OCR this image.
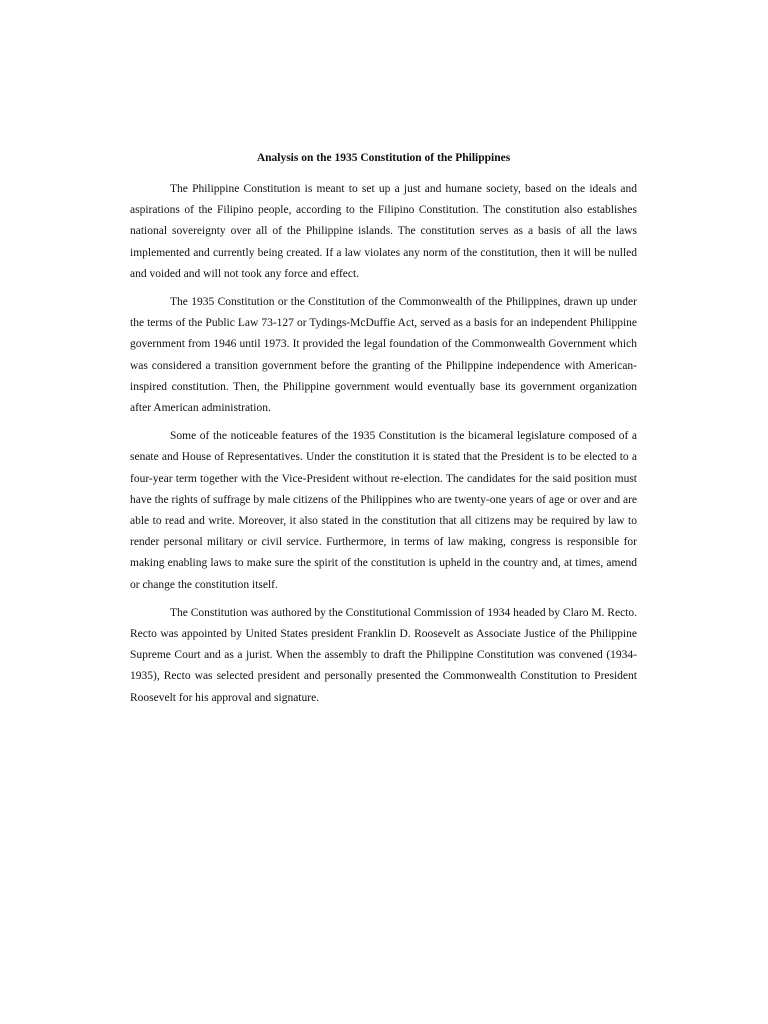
Analysis on the 1935 Constitution of the Philippines

The Philippine Constitution is meant to set up a just and humane society, based on the ideals and aspirations of the Filipino people, according to the Filipino Constitution. The constitution also establishes national sovereignty over all of the Philippine islands. The constitution serves as a basis of all the laws implemented and currently being created. If a law violates any norm of the constitution, then it will be nulled and voided and will not took any force and effect.

The 1935 Constitution or the Constitution of the Commonwealth of the Philippines, drawn up under the terms of the Public Law 73-127 or Tydings-McDuffie Act, served as a basis for an independent Philippine government from 1946 until 1973. It provided the legal foundation of the Commonwealth Government which was considered a transition government before the granting of the Philippine independence with American-inspired constitution. Then, the Philippine government would eventually base its government organization after American administration.

Some of the noticeable features of the 1935 Constitution is the bicameral legislature composed of a senate and House of Representatives. Under the constitution it is stated that the President is to be elected to a four-year term together with the Vice-President without re-election. The candidates for the said position must have the rights of suffrage by male citizens of the Philippines who are twenty-one years of age or over and are able to read and write. Moreover, it also stated in the constitution that all citizens may be required by law to render personal military or civil service. Furthermore, in terms of law making, congress is responsible for making enabling laws to make sure the spirit of the constitution is upheld in the country and, at times, amend or change the constitution itself.

The Constitution was authored by the Constitutional Commission of 1934 headed by Claro M. Recto. Recto was appointed by United States president Franklin D. Roosevelt as Associate Justice of the Philippine Supreme Court and as a jurist. When the assembly to draft the Philippine Constitution was convened (1934-1935), Recto was selected president and personally presented the Commonwealth Constitution to President Roosevelt for his approval and signature.
